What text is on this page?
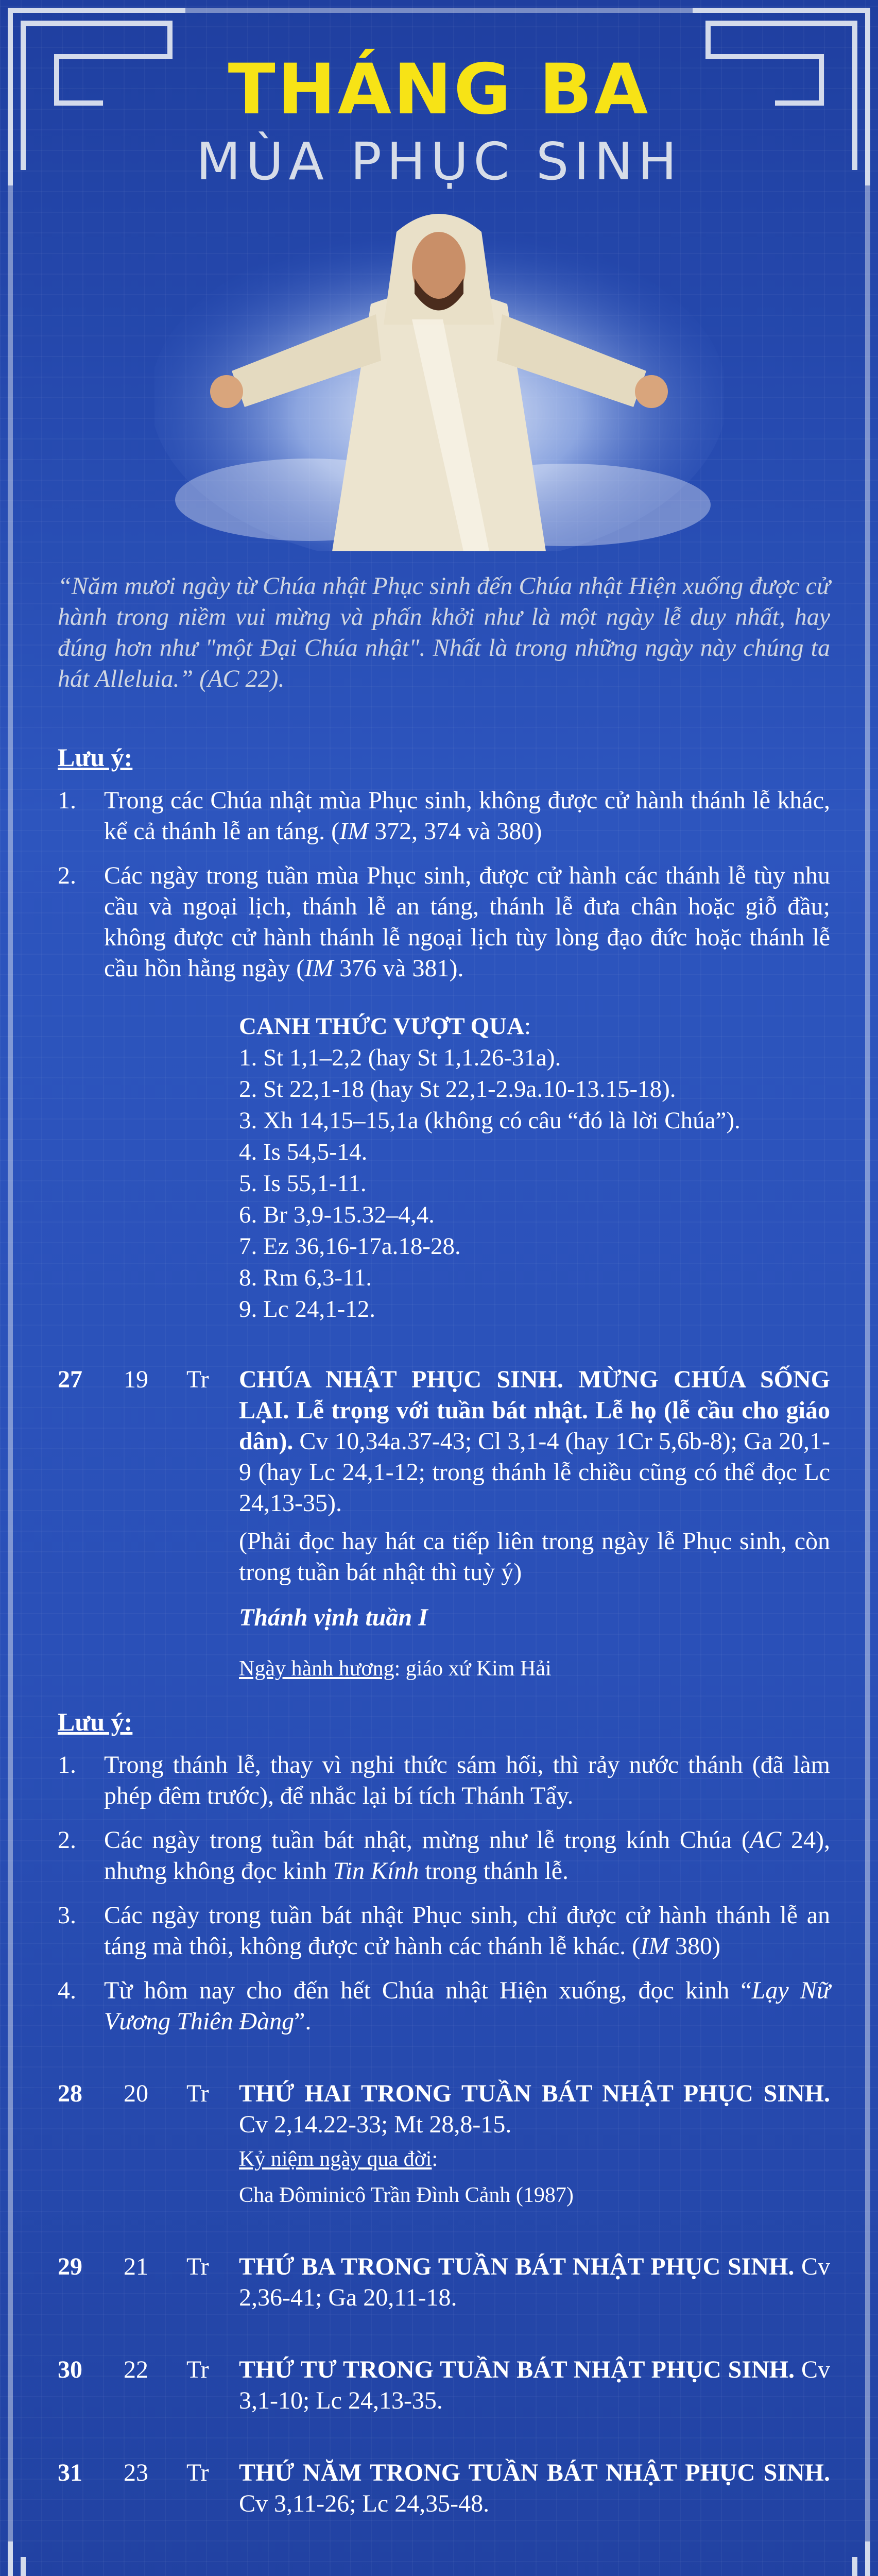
THÁNG BA
MÙA PHỤC SINH
“Năm mươi ngày từ Chúa nhật Phục sinh đến Chúa nhật Hiện xuống được cử hành trong niềm vui mừng và phấn khởi như là một ngày lễ duy nhất, hay đúng hơn như "một Đại Chúa nhật". Nhất là trong những ngày này chúng ta hát Alleluia.” (AC 22).
Lưu ý:
1. Trong các Chúa nhật mùa Phục sinh, không được cử hành thánh lễ khác, kể cả thánh lễ an táng. (IM 372, 374 và 380)
2. Các ngày trong tuần mùa Phục sinh, được cử hành các thánh lễ tùy nhu cầu và ngoại lịch, thánh lễ an táng, thánh lễ đưa chân hoặc giỗ đầu; không được cử hành thánh lễ ngoại lịch tùy lòng đạo đức hoặc thánh lễ cầu hồn hằng ngày (IM 376 và 381).
CANH THỨC VƯỢT QUA:
1. St 1,1–2,2 (hay St 1,1.26-31a).
2. St 22,1-18 (hay St 22,1-2.9a.10-13.15-18).
3. Xh 14,15–15,1a (không có câu “đó là lời Chúa”).
4. Is 54,5-14.
5. Is 55,1-11.
6. Br 3,9-15.32–4,4.
7. Ez 36,16-17a.18-28.
8. Rm 6,3-11.
9. Lc 24,1-12.
27	19	Tr	CHÚA NHẬT PHỤC SINH. MỪNG CHÚA SỐNG LẠI. Lễ trọng với tuần bát nhật. Lễ họ (lễ cầu cho giáo dân). Cv 10,34a.37-43; Cl 3,1-4 (hay 1Cr 5,6b-8); Ga 20,1-9 (hay Lc 24,1-12; trong thánh lễ chiều cũng có thể đọc Lc 24,13-35).
(Phải đọc hay hát ca tiếp liên trong ngày lễ Phục sinh, còn trong tuần bát nhật thì tuỳ ý)
Thánh vịnh tuần I
Ngày hành hương: giáo xứ Kim Hải
Lưu ý:
1. Trong thánh lễ, thay vì nghi thức sám hối, thì rảy nước thánh (đã làm phép đêm trước), để nhắc lại bí tích Thánh Tẩy.
2. Các ngày trong tuần bát nhật, mừng như lễ trọng kính Chúa (AC 24), nhưng không đọc kinh Tin Kính trong thánh lễ.
3. Các ngày trong tuần bát nhật Phục sinh, chỉ được cử hành thánh lễ an táng mà thôi, không được cử hành các thánh lễ khác. (IM 380)
4. Từ hôm nay cho đến hết Chúa nhật Hiện xuống, đọc kinh “Lạy Nữ Vương Thiên Đàng”.
28	20	Tr	THỨ HAI TRONG TUẦN BÁT NHẬT PHỤC SINH. Cv 2,14.22-33; Mt 28,8-15.
Kỷ niệm ngày qua đời:
Cha Đôminicô Trần Đình Cảnh (1987)
29	21	Tr	THỨ BA TRONG TUẦN BÁT NHẬT PHỤC SINH. Cv 2,36-41; Ga 20,11-18.
30	22	Tr	THỨ TƯ TRONG TUẦN BÁT NHẬT PHỤC SINH. Cv 3,1-10; Lc 24,13-35.
31	23	Tr	THỨ NĂM TRONG TUẦN BÁT NHẬT PHỤC SINH. Cv 3,11-26; Lc 24,35-48.
